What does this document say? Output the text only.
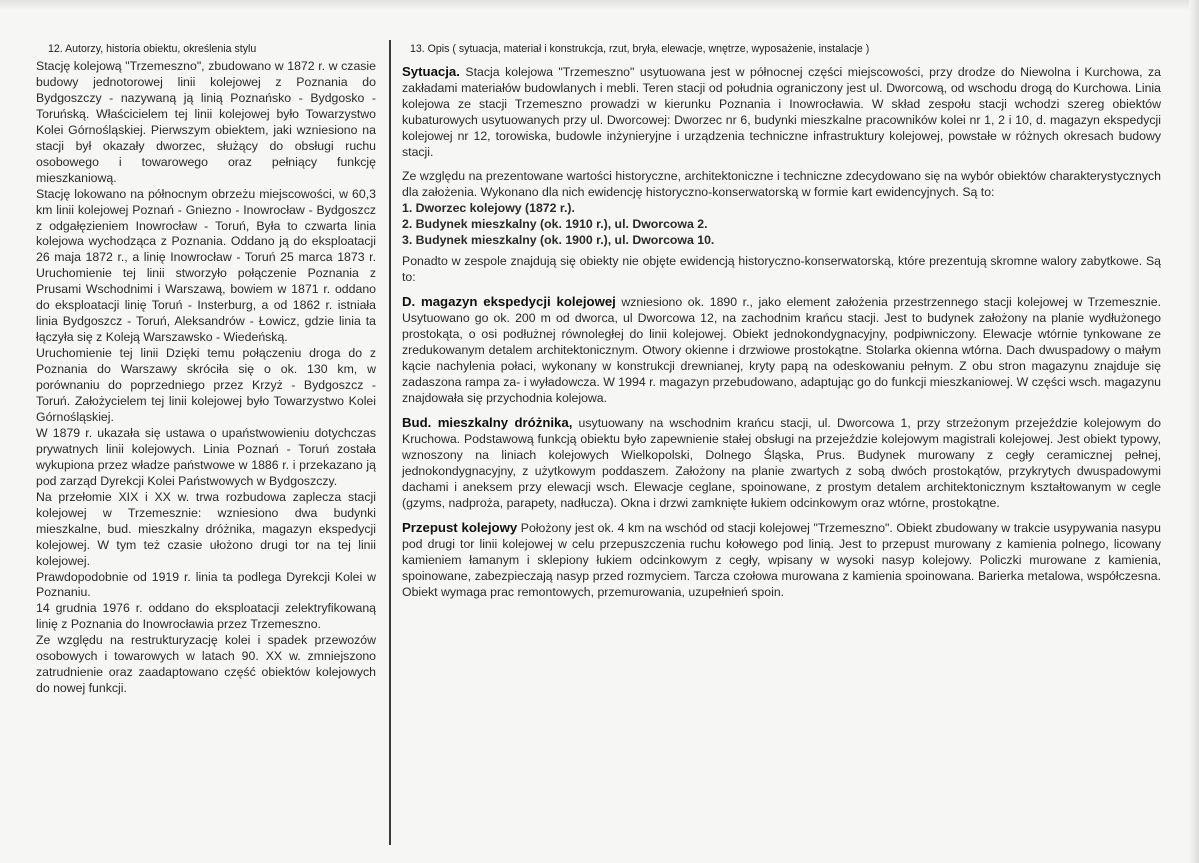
12. Autorzy, historia obiektu, określenia stylu

Stację kolejową "Trzemeszno", zbudowano w 1872 r. w czasie budowy jednotorowej linii kolejowej z Poznania do Bydgoszczy - nazywaną ją linią Poznańsko - Bydgosko - Toruńską. Właścicielem tej linii kolejowej było Towarzystwo Kolei Górnośląskiej. Pierwszym obiektem, jaki wzniesiono na stacji był okazały dworzec, służący do obsługi ruchu osobowego i towarowego oraz pełniący funkcję mieszkaniową.

Stację lokowano na północnym obrzeżu miejscowości, w 60,3 km linii kolejowej Poznań - Gniezno - Inowrocław - Bydgoszcz z odgałęzieniem Inowrocław - Toruń, Była to czwarta linia kolejowa wychodząca z Poznania. Oddano ją do eksploatacji 26 maja 1872 r., a linię Inowrocław - Toruń 25 marca 1873 r. Uruchomienie tej linii stworzyło połączenie Poznania z Prusami Wschodnimi i Warszawą, bowiem w 1871 r. oddano do eksploatacji linię Toruń - Insterburg, a od 1862 r. istniała linia Bydgoszcz - Toruń, Aleksandrów - Łowicz, gdzie linia ta łączyła się z Koleją Warszawsko - Wiedeńską.

Uruchomienie tej linii Dzięki temu połączeniu droga do z Poznania do Warszawy skróciła się o ok. 130 km, w porównaniu do poprzedniego przez Krzyż - Bydgoszcz - Toruń. Założycielem tej linii kolejowej było Towarzystwo Kolei Górnośląskiej.

W 1879 r. ukazała się ustawa o upaństwowieniu dotychczas prywatnych linii kolejowych. Linia Poznań - Toruń została wykupiona przez władze państwowe w 1886 r. i przekazano ją pod zarząd Dyrekcji Kolei Państwowych w Bydgoszczy.

Na przełomie XIX i XX w. trwa rozbudowa zaplecza stacji kolejowej w Trzemesznie: wzniesiono dwa budynki mieszkalne, bud. mieszkalny dróżnika, magazyn ekspedycji kolejowej. W tym też czasie ułożono drugi tor na tej linii kolejowej.

Prawdopodobnie od 1919 r. linia ta podlega Dyrekcji Kolei w Poznaniu.

14 grudnia 1976 r. oddano do eksploatacji zelektryfikowaną linię z Poznania do Inowrocławia przez Trzemeszno.

Ze względu na restrukturyzację kolei i spadek przewozów osobowych i towarowych w latach 90. XX w. zmniejszono zatrudnienie oraz zaadaptowano część obiektów kolejowych do nowej funkcji.

13. Opis ( sytuacja, materiał i konstrukcja, rzut, bryła, elewacje, wnętrze, wyposażenie, instalacje )

Sytuacja. Stacja kolejowa "Trzemeszno" usytuowana jest w północnej części miejscowości, przy drodze do Niewolna i Kurchowa, za zakładami materiałów budowlanych i mebli. Teren stacji od południa ograniczony jest ul. Dworcową, od wschodu drogą do Kurchowa. Linia kolejowa ze stacji Trzemeszno prowadzi w kierunku Poznania i Inowrocławia. W skład zespołu stacji wchodzi szereg obiektów kubaturowych usytuowanych przy ul. Dworcowej: Dworzec nr 6, budynki mieszkalne pracowników kolei nr 1, 2 i 10, d. magazyn ekspedycji kolejowej nr 12, torowiska, budowle inżynieryjne i urządzenia techniczne infrastruktury kolejowej, powstałe w różnych okresach budowy stacji.

Ze względu na prezentowane wartości historyczne, architektoniczne i techniczne zdecydowano się na wybór obiektów charakterystycznych dla założenia. Wykonano dla nich ewidencję historyczno-konserwatorską w formie kart ewidencyjnych. Są to:

1. Dworzec kolejowy (1872 r.).

2. Budynek mieszkalny (ok. 1910 r.), ul. Dworcowa 2.

3. Budynek mieszkalny (ok. 1900 r.), ul. Dworcowa 10.

Ponadto w zespole znajdują się obiekty nie objęte ewidencją historyczno-konserwatorską, które prezentują skromne walory zabytkowe. Są to:

D. magazyn ekspedycji kolejowej wzniesiono ok. 1890 r., jako element założenia przestrzennego stacji kolejowej w Trzemesznie. Usytuowano go ok. 200 m od dworca, ul Dworcowa 12, na zachodnim krańcu stacji. Jest to budynek założony na planie wydłużonego prostokąta, o osi podłużnej równoległej do linii kolejowej. Obiekt jednokondygnacyjny, podpiwniczony. Elewacje wtórnie tynkowane ze zredukowanym detalem architektonicznym. Otwory okienne i drzwiowe prostokątne. Stolarka okienna wtórna. Dach dwuspadowy o małym kącie nachylenia połaci, wykonany w konstrukcji drewnianej, kryty papą na odeskowaniu pełnym. Z obu stron magazynu znajduje się zadaszona rampa za- i wyładowcza. W 1994 r. magazyn przebudowano, adaptując go do funkcji mieszkaniowej. W części wsch. magazynu znajdowała się przychodnia kolejowa.

Bud. mieszkalny dróżnika, usytuowany na wschodnim krańcu stacji, ul. Dworcowa 1, przy strzeżonym przejeździe kolejowym do Kruchowa. Podstawową funkcją obiektu było zapewnienie stałej obsługi na przejeździe kolejowym magistrali kolejowej. Jest obiekt typowy, wznoszony na liniach kolejowych Wielkopolski, Dolnego Śląska, Prus. Budynek murowany z cegły ceramicznej pełnej, jednokondygnacyjny, z użytkowym poddaszem. Założony na planie zwartych z sobą dwóch prostokątów, przykrytych dwuspadowymi dachami i aneksem przy elewacji wsch. Elewacje ceglane, spoinowane, z prostym detalem architektonicznym kształtowanym w cegle (gzyms, nadproża, parapety, nadłucza). Okna i drzwi zamknięte łukiem odcinkowym oraz wtórne, prostokątne.

Przepust kolejowy Położony jest ok. 4 km na wschód od stacji kolejowej "Trzemeszno". Obiekt zbudowany w trakcie usypywania nasypu pod drugi tor linii kolejowej w celu przepuszczenia ruchu kołowego pod linią. Jest to przepust murowany z kamienia polnego, licowany kamieniem łamanym i sklepiony łukiem odcinkowym z cegły, wpisany w wysoki nasyp kolejowy. Policzki murowane z kamienia, spoinowane, zabezpieczają nasyp przed rozmyciem. Tarcza czołowa murowana z kamienia spoinowana. Barierka metalowa, współczesna. Obiekt wymaga prac remontowych, przemurowania, uzupełnień spoin.
